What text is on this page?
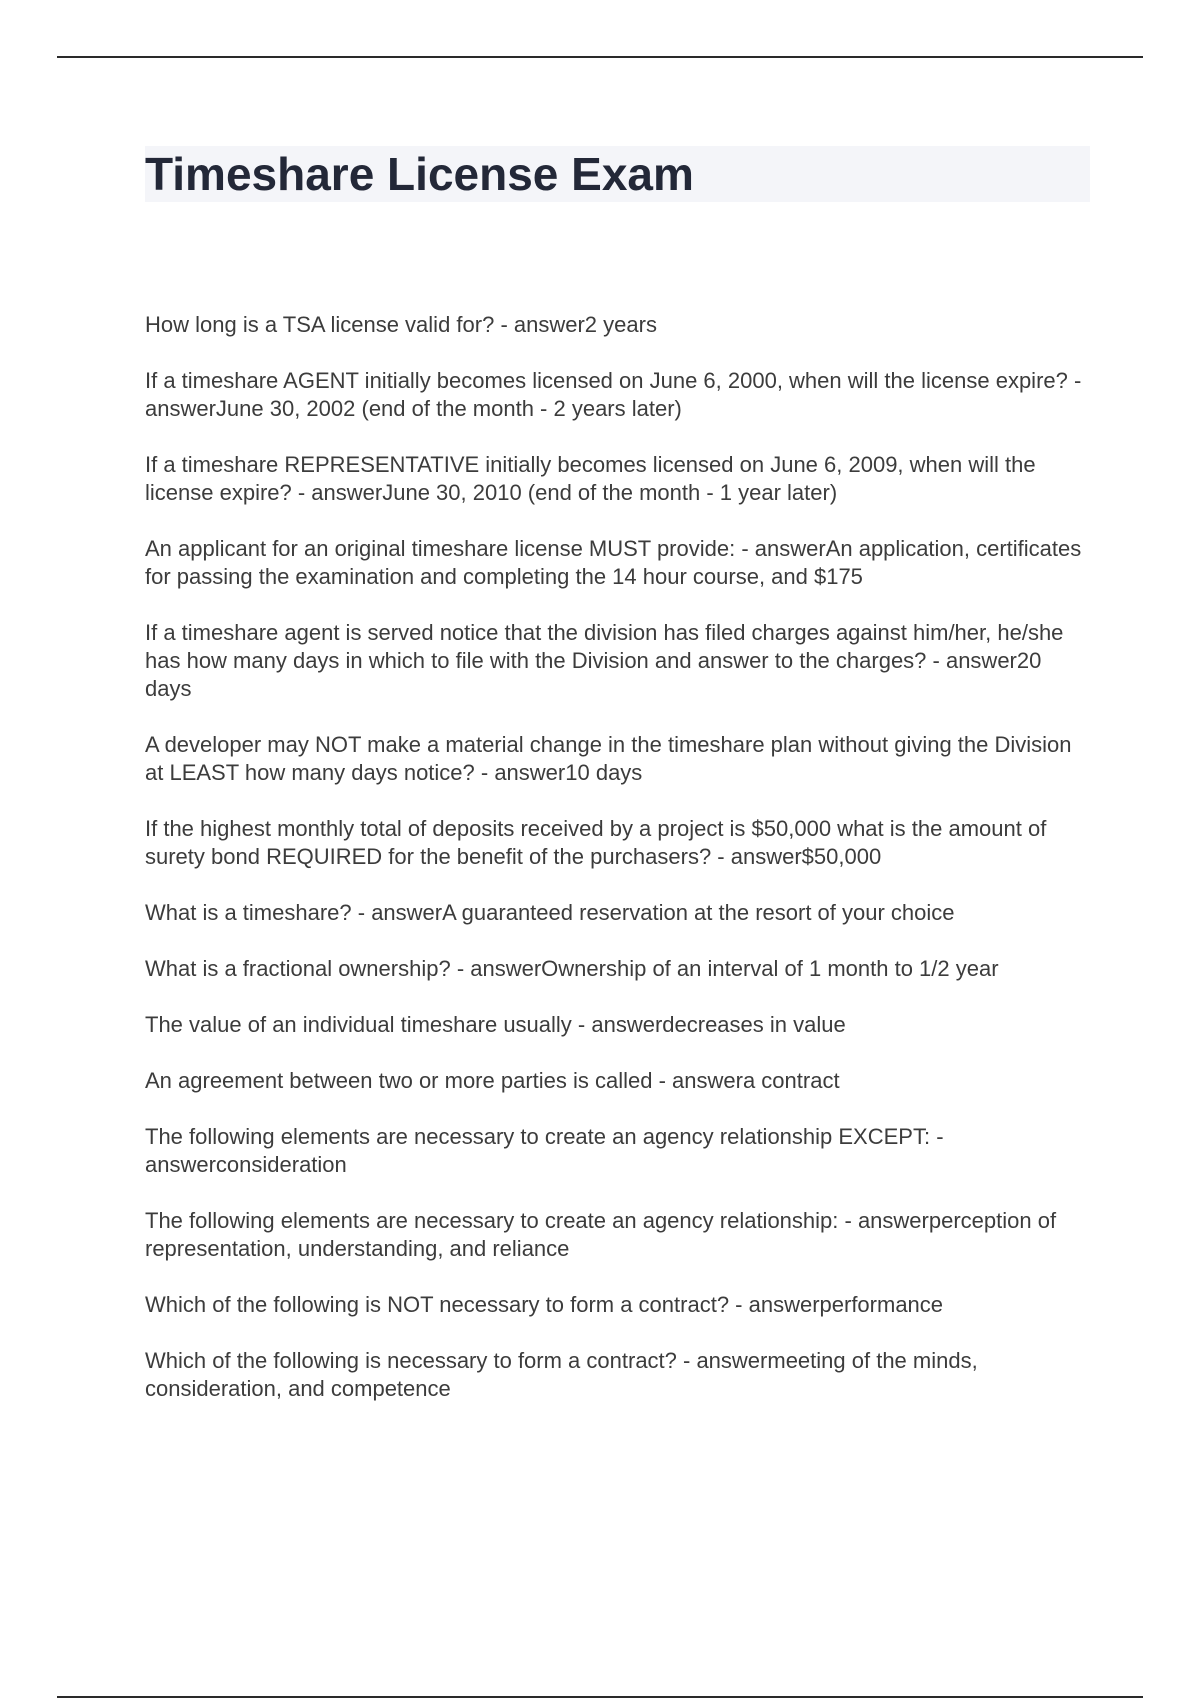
Timeshare License Exam
How long is a TSA license valid for? - answer2 years
If a timeshare AGENT initially becomes licensed on June 6, 2000, when will the license expire? - answerJune 30, 2002 (end of the month - 2 years later)
If a timeshare REPRESENTATIVE initially becomes licensed on June 6, 2009, when will the license expire? - answerJune 30, 2010 (end of the month - 1 year later)
An applicant for an original timeshare license MUST provide: - answerAn application, certificates for passing the examination and completing the 14 hour course, and $175
If a timeshare agent is served notice that the division has filed charges against him/her, he/she has how many days in which to file with the Division and answer to the charges? - answer20 days
A developer may NOT make a material change in the timeshare plan without giving the Division at LEAST how many days notice? - answer10 days
If the highest monthly total of deposits received by a project is $50,000 what is the amount of surety bond REQUIRED for the benefit of the purchasers? - answer$50,000
What is a timeshare? - answerA guaranteed reservation at the resort of your choice
What is a fractional ownership? - answerOwnership of an interval of 1 month to 1/2 year
The value of an individual timeshare usually - answerdecreases in value
An agreement between two or more parties is called - answera contract
The following elements are necessary to create an agency relationship EXCEPT: - answerconsideration
The following elements are necessary to create an agency relationship: - answerperception of representation, understanding, and reliance
Which of the following is NOT necessary to form a contract? - answerperformance
Which of the following is necessary to form a contract? - answermeeting of the minds, consideration, and competence
